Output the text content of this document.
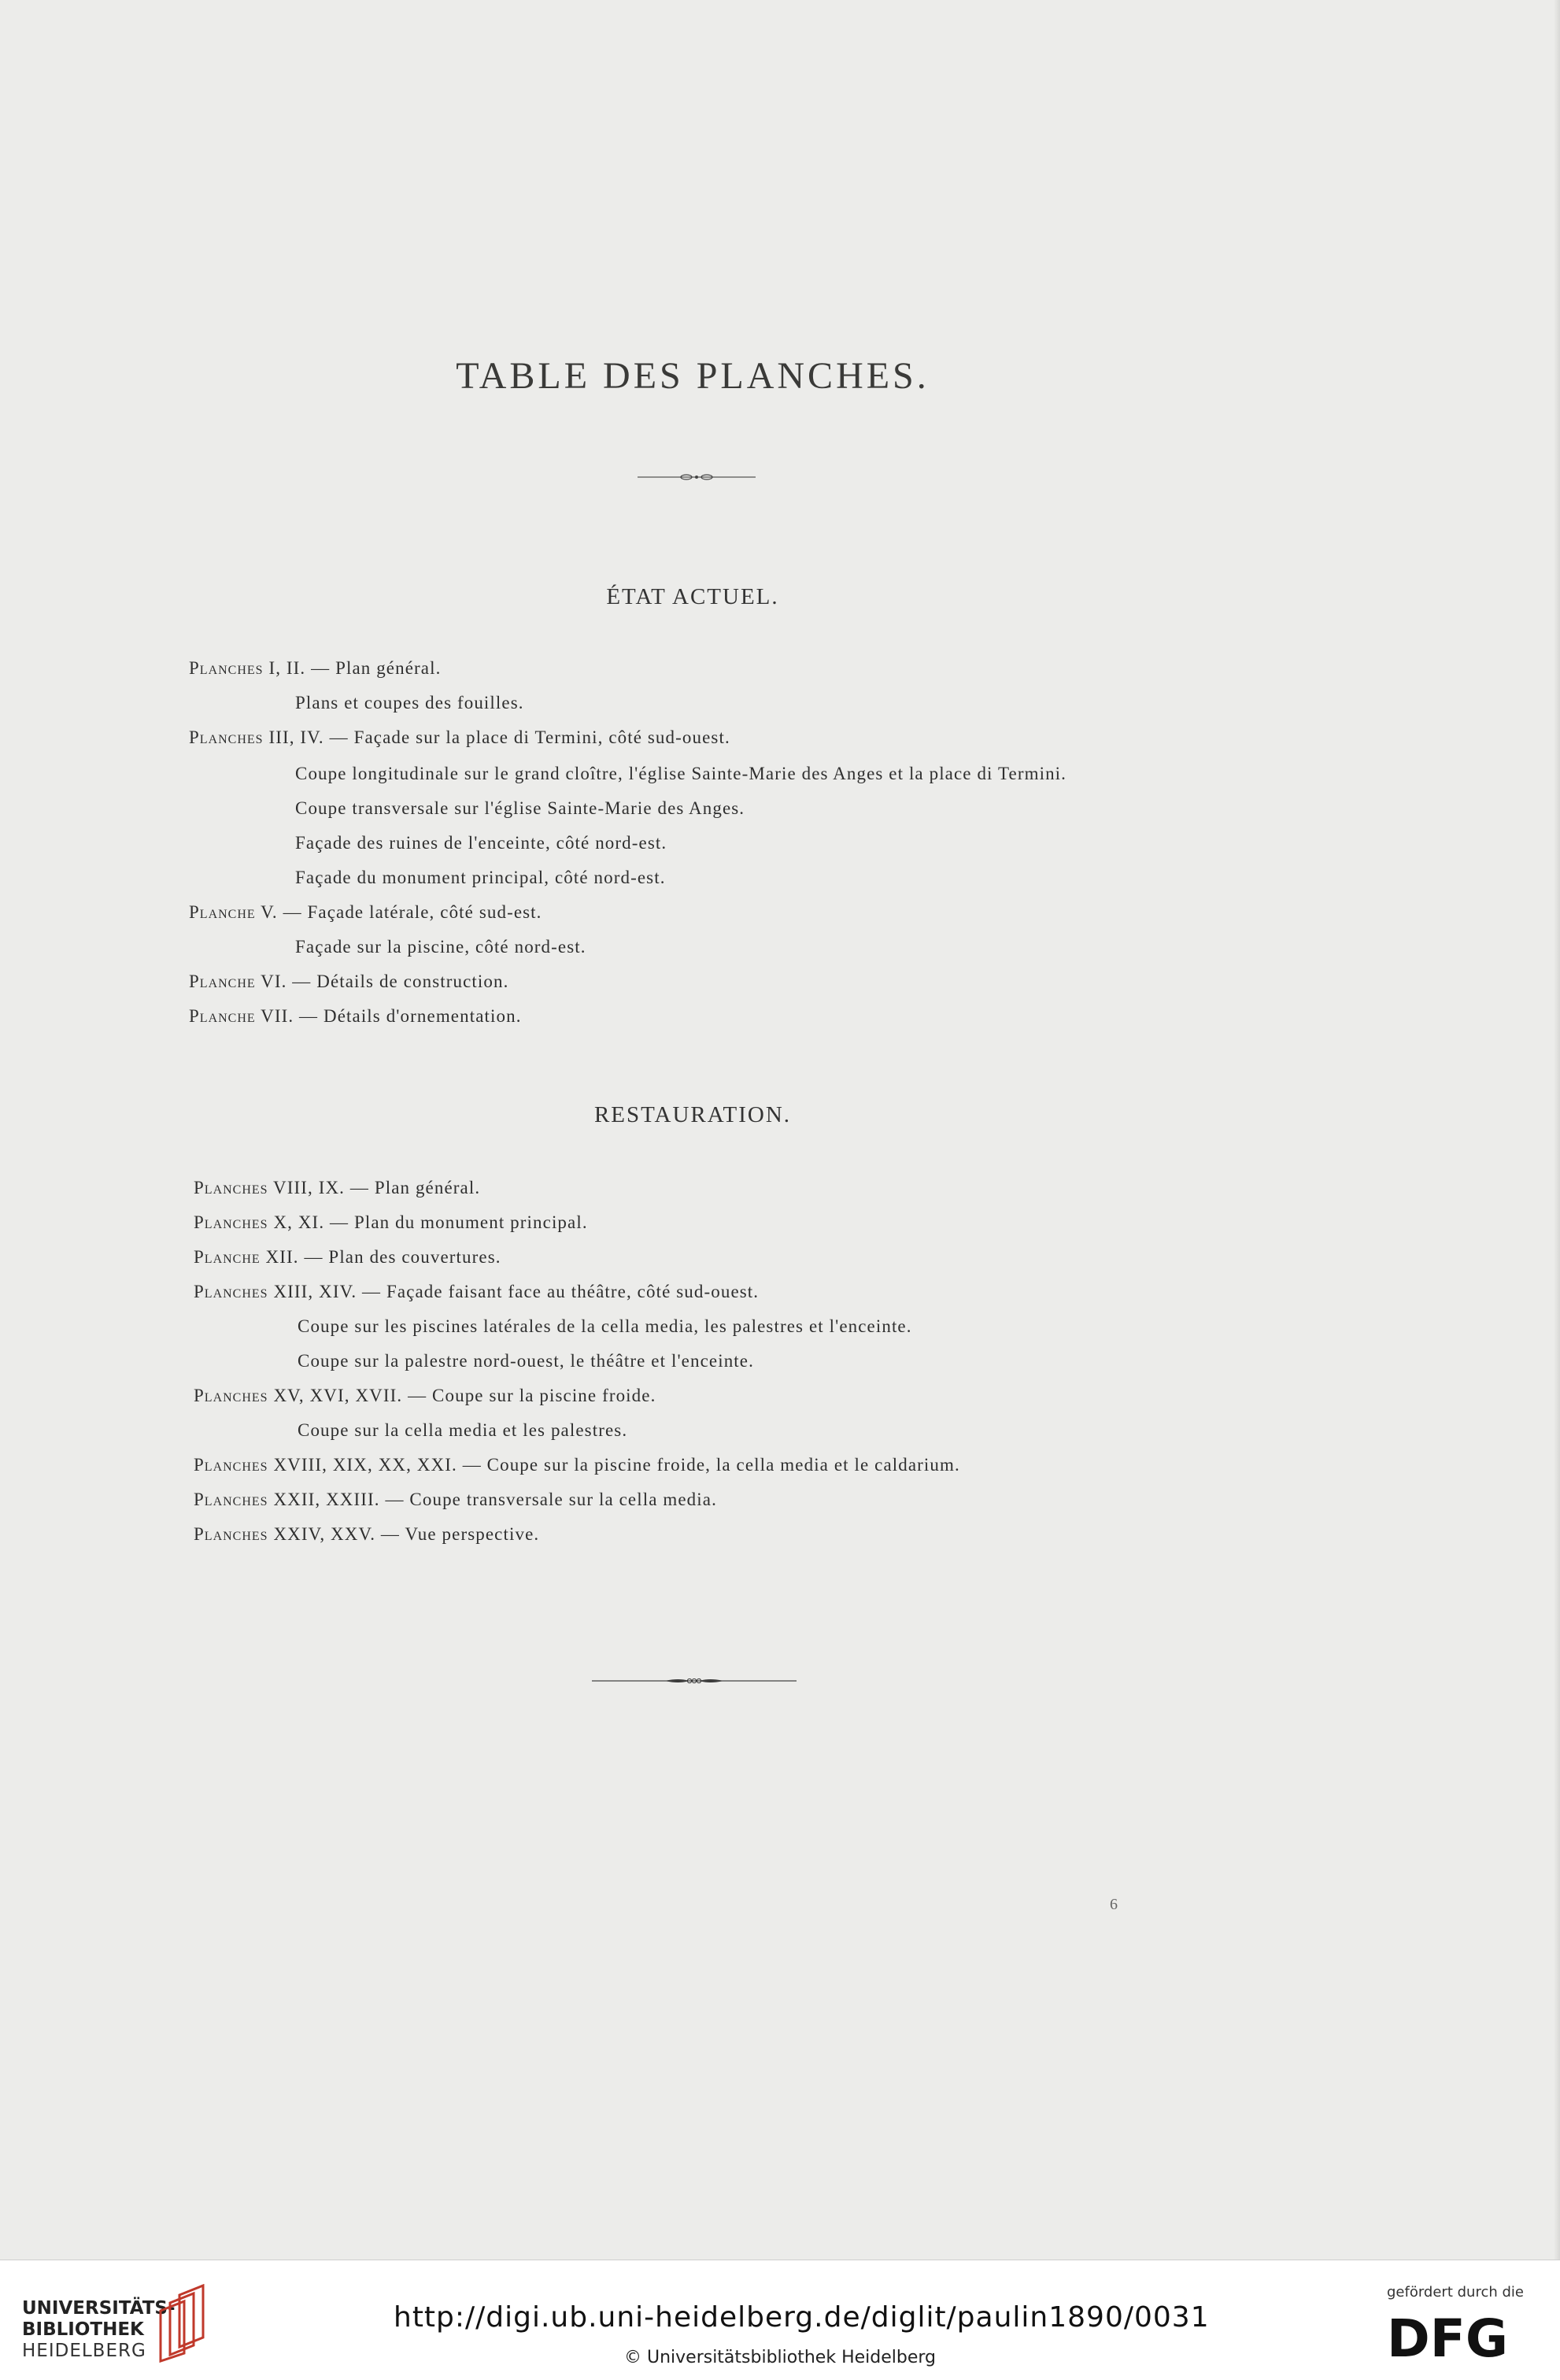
TABLE DES PLANCHES.
ÉTAT ACTUEL.
Planches I, II. — Plan général.
Plans et coupes des fouilles.
Planches III, IV. — Façade sur la place di Termini, côté sud-ouest.
Coupe longitudinale sur le grand cloître, l'église Sainte-Marie des Anges et la place di Termini.
Coupe transversale sur l'église Sainte-Marie des Anges.
Façade des ruines de l'enceinte, côté nord-est.
Façade du monument principal, côté nord-est.
Planche V. — Façade latérale, côté sud-est.
Façade sur la piscine, côté nord-est.
Planche VI. — Détails de construction.
Planche VII. — Détails d'ornementation.
RESTAURATION.
Planches VIII, IX. — Plan général.
Planches X, XI. — Plan du monument principal.
Planche XII. — Plan des couvertures.
Planches XIII, XIV. — Façade faisant face au théâtre, côté sud-ouest.
Coupe sur les piscines latérales de la cella media, les palestres et l'enceinte.
Coupe sur la palestre nord-ouest, le théâtre et l'enceinte.
Planches XV, XVI, XVII. — Coupe sur la piscine froide.
Coupe sur la cella media et les palestres.
Planches XVIII, XIX, XX, XXI. — Coupe sur la piscine froide, la cella media et le caldarium.
Planches XXII, XXIII. — Coupe transversale sur la cella media.
Planches XXIV, XXV. — Vue perspective.
6
UNIVERSITÄTS-
BIBLIOTHEK
HEIDELBERG
http://digi.ub.uni-heidelberg.de/diglit/paulin1890/0031
© Universitätsbibliothek Heidelberg
gefördert durch die
DFG
